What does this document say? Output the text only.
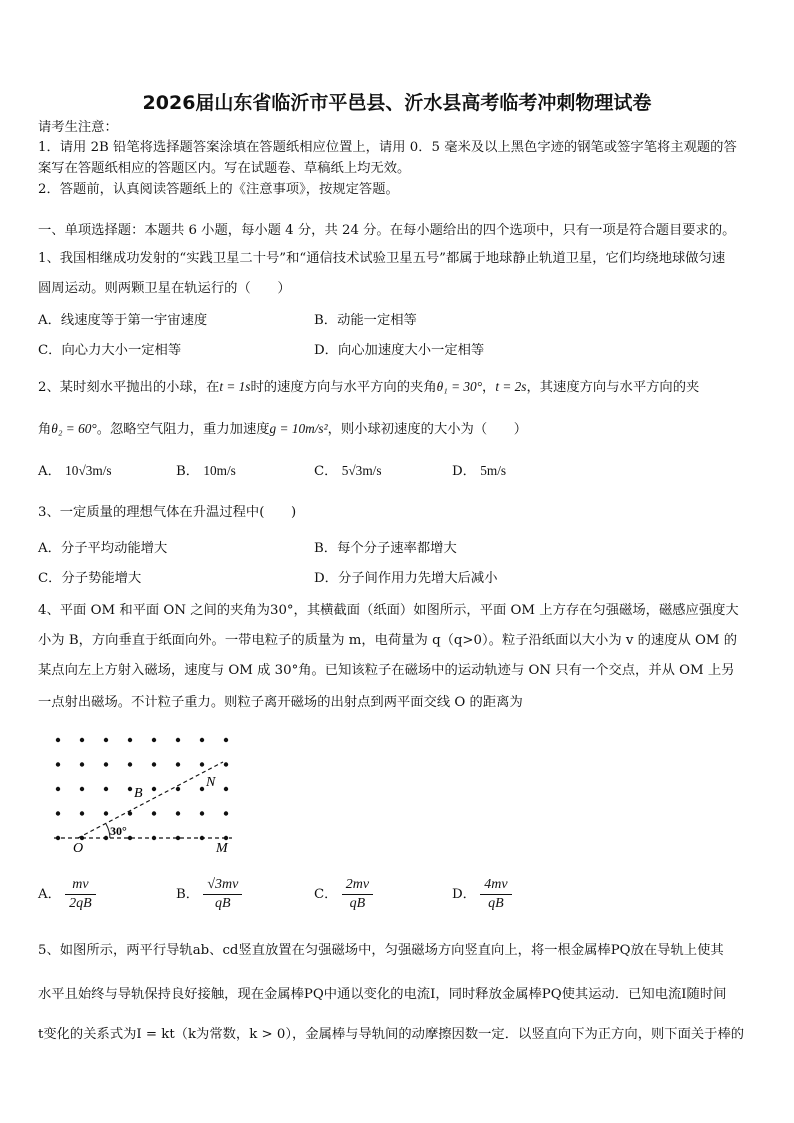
2026届山东省临沂市平邑县、沂水县高考临考冲刺物理试卷
请考生注意：
1．请用 2B 铅笔将选择题答案涂填在答题纸相应位置上，请用 0．5 毫米及以上黑色字迹的钢笔或签字笔将主观题的答
案写在答题纸相应的答题区内。写在试题卷、草稿纸上均无效。
2．答题前，认真阅读答题纸上的《注意事项》，按规定答题。
一、单项选择题：本题共 6 小题，每小题 4 分，共 24 分。在每小题给出的四个选项中，只有一项是符合题目要求的。
1、我国相继成功发射的“实践卫星二十号”和“通信技术试验卫星五号”都属于地球静止轨道卫星，它们均绕地球做匀速
圆周运动。则两颗卫星在轨运行的（　　）
A．线速度等于第一宇宙速度	B．动能一定相等
C．向心力大小一定相等	D．向心加速度大小一定相等
2、某时刻水平抛出的小球，在t = 1s时的速度方向与水平方向的夹角θ₁ = 30°，t = 2s，其速度方向与水平方向的夹
角θ₂ = 60°。忽略空气阻力，重力加速度g = 10m/s²，则小球初速度的大小为（　　）
A． 10√3m/s	B． 10m/s	C． 5√3m/s	D． 5m/s
3、一定质量的理想气体在升温过程中(　　)
A．分子平均动能增大	B．每个分子速率都增大
C．分子势能增大	D．分子间作用力先增大后减小
4、平面 OM 和平面 ON 之间的夹角为30°，其横截面（纸面）如图所示，平面 OM 上方存在匀强磁场，磁感应强度大
小为 B，方向垂直于纸面向外。一带电粒子的质量为 m，电荷量为 q（q>0）。粒子沿纸面以大小为 v 的速度从 OM 的
某点向左上方射入磁场，速度与 OM 成 30°角。已知该粒子在磁场中的运动轨迹与 ON 只有一个交点，并从 OM 上另
一点射出磁场。不计粒子重力。则粒子离开磁场的出射点到两平面交线 O 的距离为
O	M
N
B
30°
A． $\frac{mv}{2qB}$	B． $\frac{√3mv}{qB}$	C． $\frac{2mv}{qB}$	D． $\frac{4mv}{qB}$
5、如图所示，两平行导轨ab、cd竖直放置在匀强磁场中，匀强磁场方向竖直向上，将一根金属棒PQ放在导轨上使其
水平且始终与导轨保持良好接触，现在金属棒PQ中通以变化的电流I，同时释放金属棒PQ使其运动．已知电流I随时间
t变化的关系式为I = kt（k为常数，k > 0），金属棒与导轨间的动摩擦因数一定．以竖直向下为正方向，则下面关于棒的
